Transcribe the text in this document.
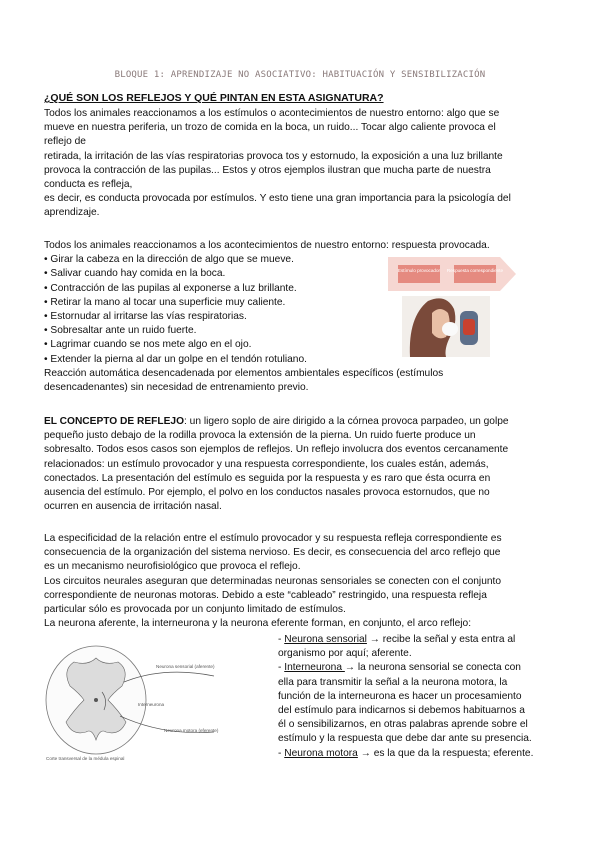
BLOQUE 1: APRENDIZAJE NO ASOCIATIVO: HABITUACIÓN Y SENSIBILIZACIÓN
¿QUÉ SON LOS REFLEJOS Y QUÉ PINTAN EN ESTA ASIGNATURA?
Todos los animales reaccionamos a los estímulos o acontecimientos de nuestro entorno: algo que se
mueve en nuestra periferia, un trozo de comida en la boca, un ruido... Tocar algo caliente provoca el
reflejo de
retirada, la irritación de las vías respiratorias provoca tos y estornudo, la exposición a una luz brillante
provoca la contracción de las pupilas... Estos y otros ejemplos ilustran que mucha parte de nuestra
conducta es refleja,
es decir, es conducta provocada por estímulos. Y esto tiene una gran importancia para la psicología del
aprendizaje.
Todos los animales reaccionamos a los acontecimientos de nuestro entorno: respuesta provocada.
• Girar la cabeza en la dirección de algo que se mueve.
• Salivar cuando hay comida en la boca.
• Contracción de las pupilas al exponerse a luz brillante.
• Retirar la mano al tocar una superficie muy caliente.
• Estornudar al irritarse las vías respiratorias.
• Sobresaltar ante un ruido fuerte.
• Lagrimar cuando se nos mete algo en el ojo.
• Extender la pierna al dar un golpe en el tendón rotuliano.
Reacción automática desencadenada por elementos ambientales específicos (estímulos
desencadenantes) sin necesidad de entrenamiento previo.
Estímulo provocador Respuesta correspondiente
EL CONCEPTO DE REFLEJO: un ligero soplo de aire dirigido a la córnea provoca parpadeo, un golpe
pequeño justo debajo de la rodilla provoca la extensión de la pierna. Un ruido fuerte produce un
sobresalto. Todos esos casos son ejemplos de reflejos. Un reflejo involucra dos eventos cercanamente
relacionados: un estímulo provocador y una respuesta correspondiente, los cuales están, además,
conectados. La presentación del estímulo es seguida por la respuesta y es raro que ésta ocurra en
ausencia del estímulo. Por ejemplo, el polvo en los conductos nasales provoca estornudos, que no
ocurren en ausencia de irritación nasal.
La especificidad de la relación entre el estímulo provocador y su respuesta refleja correspondiente es
consecuencia de la organización del sistema nervioso. Es decir, es consecuencia del arco reflejo que
es un mecanismo neurofisiológico que provoca el reflejo.
Los circuitos neurales aseguran que determinadas neuronas sensoriales se conecten con el conjunto
correspondiente de neuronas motoras. Debido a este “cableado” restringido, una respuesta refleja
particular sólo es provocada por un conjunto limitado de estímulos.
La neurona aferente, la interneurona y la neurona eferente forman, en conjunto, el arco reflejo:
Neurona sensorial (aferente)
Interneurona
Neurona motora (eferente)
Corte transversal de la médula espinal
- Neurona sensorial → recibe la señal y esta entra al
organismo por aquí; aferente.
- Interneurona → la neurona sensorial se conecta con
ella para transmitir la señal a la neurona motora, la
función de la interneurona es hacer un procesamiento
del estímulo para indicarnos si debemos habituarnos a
él o sensibilizarnos, en otras palabras aprende sobre el
estímulo y la respuesta que debe dar ante su presencia.
- Neurona motora → es la que da la respuesta; eferente.
